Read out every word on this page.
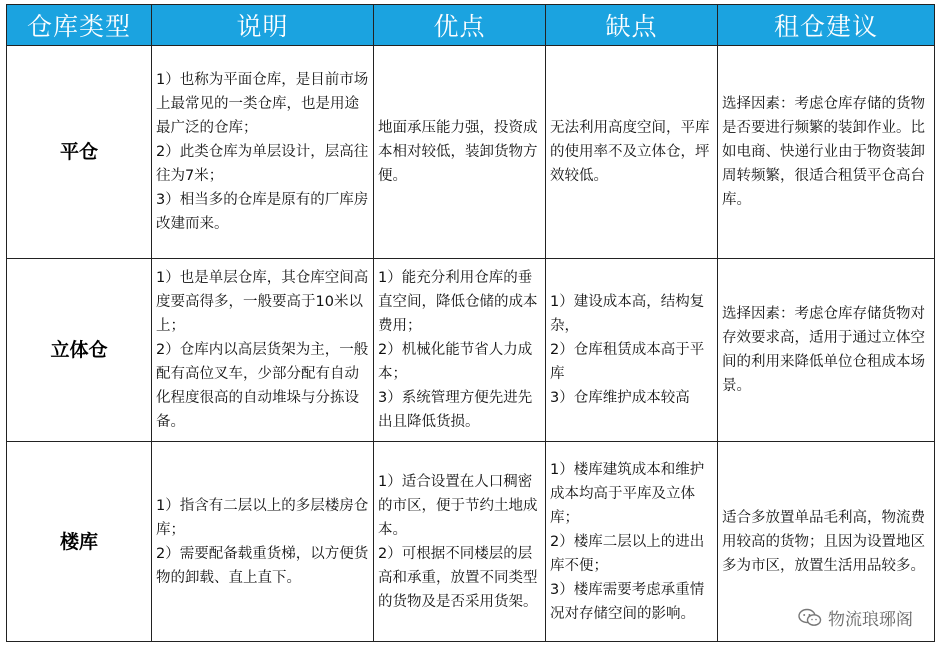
仓库类型	说明	优点	缺点	租仓建议
平仓	1）也称为平面仓库，是目前市场上最常见的一类仓库，也是用途最广泛的仓库；
2）此类仓库为单层设计，层高往往为7米；
3）相当多的仓库是原有的厂库房改建而来。	地面承压能力强，投资成本相对较低，装卸货物方便。	无法利用高度空间，平库的使用率不及立体仓，坪效较低。	选择因素：考虑仓库存储的货物是否要进行频繁的装卸作业。比如电商、快递行业由于物资装卸周转频繁，很适合租赁平仓高台库。

立体仓	1）也是单层仓库，其仓库空间高度要高得多，一般要高于10米以上；
2）仓库内以高层货架为主，一般配有高位叉车，少部分配有自动化程度很高的自动堆垛与分拣设备。	1）能充分利用仓库的垂直空间，降低仓储的成本费用；
2）机械化能节省人力成本；
3）系统管理方便先进先出且降低货损。	1）建设成本高，结构复杂，
2）仓库租赁成本高于平库
3）仓库维护成本较高	选择因素：考虑仓库存储货物对存效要求高，适用于通过立体空间的利用来降低单位仓租成本场景。

楼库	1）指含有二层以上的多层楼房仓库；
2）需要配备载重货梯，以方便货物的卸载、直上直下。	1）适合设置在人口稠密的市区，便于节约土地成本。
2）可根据不同楼层的层高和承重，放置不同类型的货物及是否采用货架。	1）楼库建筑成本和维护成本均高于平库及立体库；
2）楼库二层以上的进出库不便；
3）楼库需要考虑承重情况对存储空间的影响。	适合多放置单品毛利高，物流费用较高的货物；且因为设置地区多为市区，放置生活用品较多。
物流琅琊阁
